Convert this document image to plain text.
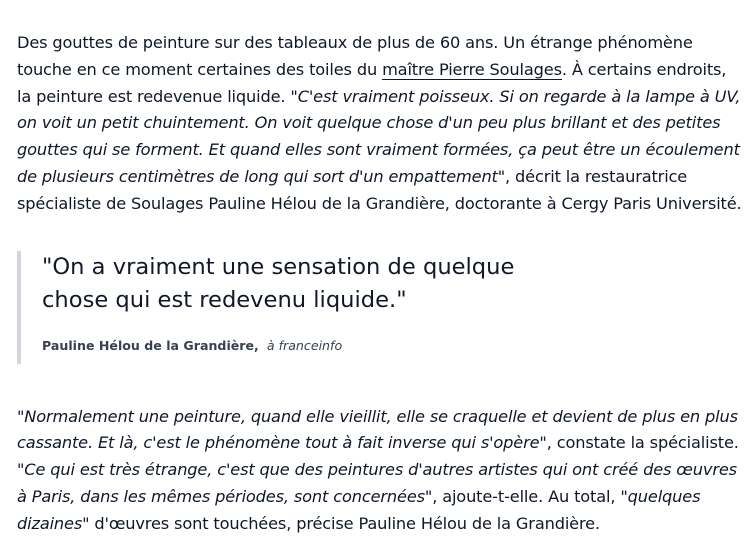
Des gouttes de peinture sur des tableaux de plus de 60 ans. Un étrange phénomène touche en ce moment certaines des toiles du maître Pierre Soulages. À certains endroits, la peinture est redevenue liquide. "C'est vraiment poisseux. Si on regarde à la lampe à UV, on voit un petit chuintement. On voit quelque chose d'un peu plus brillant et des petites gouttes qui se forment. Et quand elles sont vraiment formées, ça peut être un écoulement de plusieurs centimètres de long qui sort d'un empattement", décrit la restauratrice spécialiste de Soulages Pauline Hélou de la Grandière, doctorante à Cergy Paris Université.

"On a vraiment une sensation de quelque chose qui est redevenu liquide."

Pauline Hélou de la Grandière, à franceinfo

"Normalement une peinture, quand elle vieillit, elle se craquelle et devient de plus en plus cassante. Et là, c'est le phénomène tout à fait inverse qui s'opère", constate la spécialiste. "Ce qui est très étrange, c'est que des peintures d'autres artistes qui ont créé des œuvres à Paris, dans les mêmes périodes, sont concernées", ajoute-t-elle. Au total, "quelques dizaines" d'œuvres sont touchées, précise Pauline Hélou de la Grandière.
